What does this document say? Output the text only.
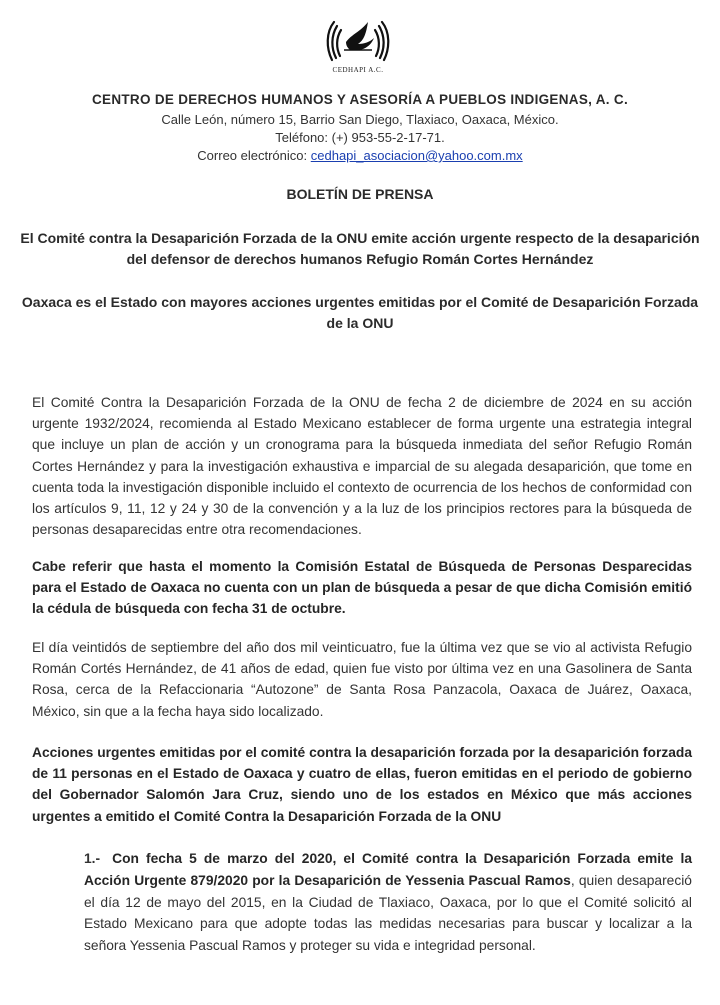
CEDHAPI A.C.
CENTRO DE DERECHOS HUMANOS Y ASESORÍA A PUEBLOS INDIGENAS, A. C.
Calle León, número 15, Barrio San Diego, Tlaxiaco, Oaxaca, México.
Teléfono: (+) 953-55-2-17-71.
Correo electrónico: cedhapi_asociacion@yahoo.com.mx
BOLETÍN DE PRENSA
El Comité contra la Desaparición Forzada de la ONU emite acción urgente respecto de la desaparición del defensor de derechos humanos Refugio Román Cortes Hernández
Oaxaca es el Estado con mayores acciones urgentes emitidas por el Comité de Desaparición Forzada de la ONU
El Comité Contra la Desaparición Forzada de la ONU de fecha 2 de diciembre de 2024 en su acción urgente 1932/2024, recomienda al Estado Mexicano establecer de forma urgente una estrategia integral que incluye un plan de acción y un cronograma para la búsqueda inmediata del señor Refugio Román Cortes Hernández y para la investigación exhaustiva e imparcial de su alegada desaparición, que tome en cuenta toda la investigación disponible incluido el contexto de ocurrencia de los hechos de conformidad con los artículos 9, 11, 12 y 24 y 30 de la convención y a la luz de los principios rectores para la búsqueda de personas desaparecidas entre otra recomendaciones.
Cabe referir que hasta el momento la Comisión Estatal de Búsqueda de Personas Desparecidas para el Estado de Oaxaca no cuenta con un plan de búsqueda a pesar de que dicha Comisión emitió la cédula de búsqueda con fecha 31 de octubre.
El día veintidós de septiembre del año dos mil veinticuatro, fue la última vez que se vio al activista Refugio Román Cortés Hernández, de 41 años de edad, quien fue visto por última vez en una Gasolinera de Santa Rosa, cerca de la Refaccionaria “Autozone” de Santa Rosa Panzacola, Oaxaca de Juárez, Oaxaca, México, sin que a la fecha haya sido localizado.
Acciones urgentes emitidas por el comité contra la desaparición forzada por la desaparición forzada de 11 personas en el Estado de Oaxaca y cuatro de ellas, fueron emitidas en el periodo de gobierno del Gobernador Salomón Jara Cruz, siendo uno de los estados en México que más acciones urgentes a emitido el Comité Contra la Desaparición Forzada de la ONU
1.- Con fecha 5 de marzo del 2020, el Comité contra la Desaparición Forzada emite la Acción Urgente 879/2020 por la Desaparición de Yessenia Pascual Ramos, quien desapareció el día 12 de mayo del 2015, en la Ciudad de Tlaxiaco, Oaxaca, por lo que el Comité solicitó al Estado Mexicano para que adopte todas las medidas necesarias para buscar y localizar a la señora Yessenia Pascual Ramos y proteger su vida e integridad personal.
